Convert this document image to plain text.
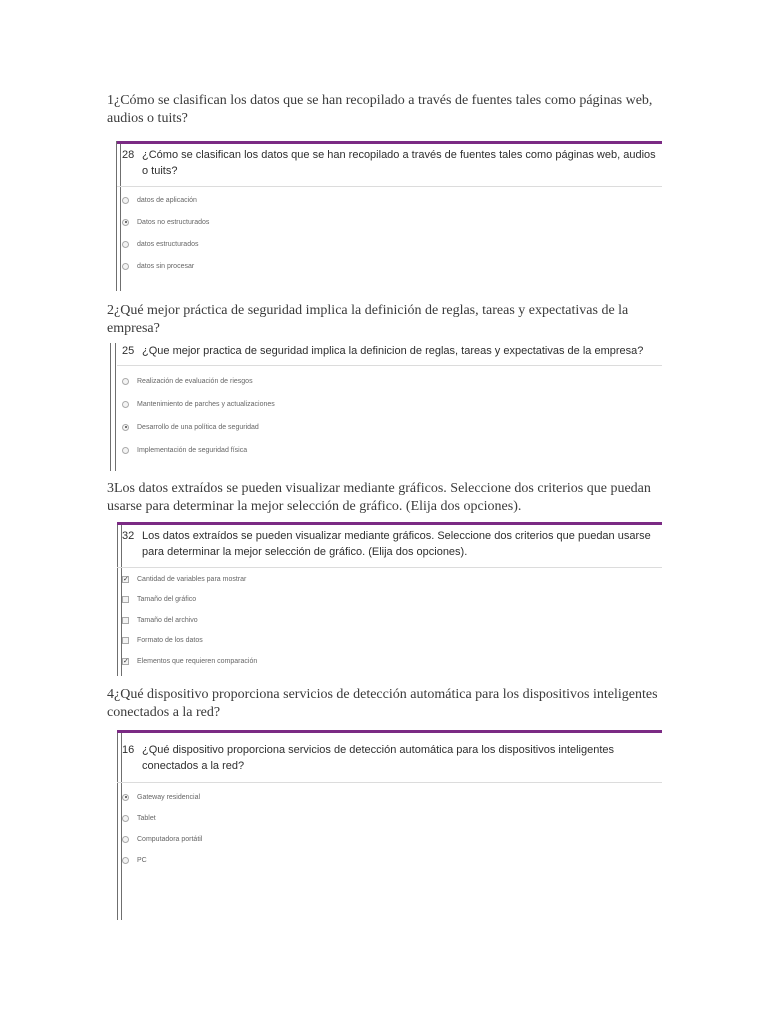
1¿Cómo se clasifican los datos que se han recopilado a través de fuentes tales como páginas web, audios o tuits?

28 ¿Cómo se clasifican los datos que se han recopilado a través de fuentes tales como páginas web, audios o tuits?
datos de aplicación
Datos no estructurados
datos estructurados
datos sin procesar

2¿Qué mejor práctica de seguridad implica la definición de reglas, tareas y expectativas de la empresa?

25 ¿Que mejor practica de seguridad implica la definicion de reglas, tareas y expectativas de la empresa?
Realización de evaluación de riesgos
Mantenimiento de parches y actualizaciones
Desarrollo de una política de seguridad
Implementación de seguridad física

3Los datos extraídos se pueden visualizar mediante gráficos. Seleccione dos criterios que puedan usarse para determinar la mejor selección de gráfico. (Elija dos opciones).

32 Los datos extraídos se pueden visualizar mediante gráficos. Seleccione dos criterios que puedan usarse para determinar la mejor selección de gráfico. (Elija dos opciones).
✓ Cantidad de variables para mostrar
Tamaño del gráfico
Tamaño del archivo
Formato de los datos
✓ Elementos que requieren comparación

4¿Qué dispositivo proporciona servicios de detección automática para los dispositivos inteligentes conectados a la red?

16 ¿Qué dispositivo proporciona servicios de detección automática para los dispositivos inteligentes conectados a la red?
Gateway residencial
Tablet
Computadora portátil
PC
